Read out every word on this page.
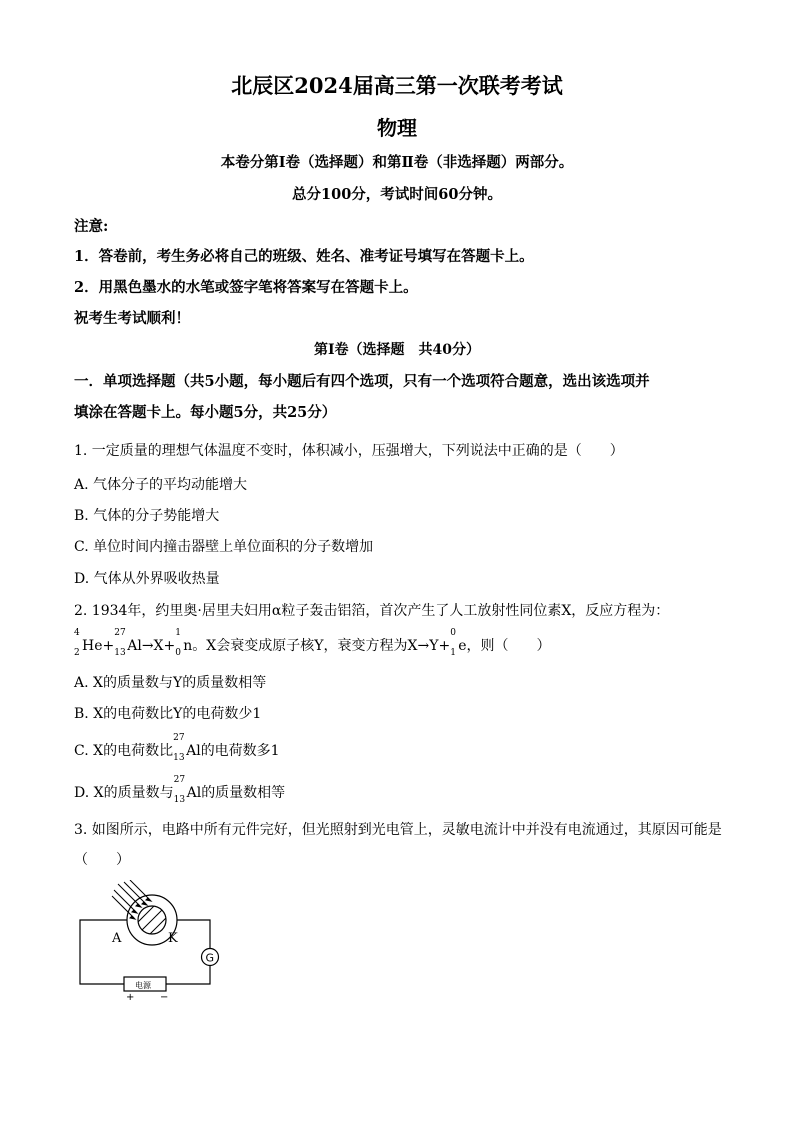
北辰区2024届高三第一次联考考试
物理
本卷分第Ⅰ卷（选择题）和第Ⅱ卷（非选择题）两部分。
总分100分，考试时间60分钟。
注意:
1．答卷前，考生务必将自己的班级、姓名、准考证号填写在答题卡上。
2．用黑色墨水的水笔或签字笔将答案写在答题卡上。
祝考生考试顺利！
第Ⅰ卷（选择题　共40分）
一．单项选择题（共5小题，每小题后有四个选项，只有一个选项符合题意，选出该选项并
填涂在答题卡上。每小题5分，共25分）
1. 一定质量的理想气体温度不变时，体积减小，压强增大，下列说法中正确的是（　　）
A. 气体分子的平均动能增大
B. 气体的分子势能增大
C. 单位时间内撞击器壁上单位面积的分子数增加
D. 气体从外界吸收热量
2. 1934年，约里奥·居里夫妇用α粒子轰击铝箔，首次产生了人工放射性同位素X，反应方程为：
4
2 He+
27
13 Al→X+
1
0 n。X会衰变成原子核Y，衰变方程为X→Y+
0
1 e，则（　　）
A. X的质量数与Y的质量数相等
B. X的电荷数比Y的电荷数少1
C. X的电荷数比
27
13 Al的电荷数多1
D. X的质量数与
27
13 Al的质量数相等
3. 如图所示，电路中所有元件完好，但光照射到光电管上，灵敏电流计中并没有电流通过，其原因可能是
（　　）
A	K
G
电源
+	−
